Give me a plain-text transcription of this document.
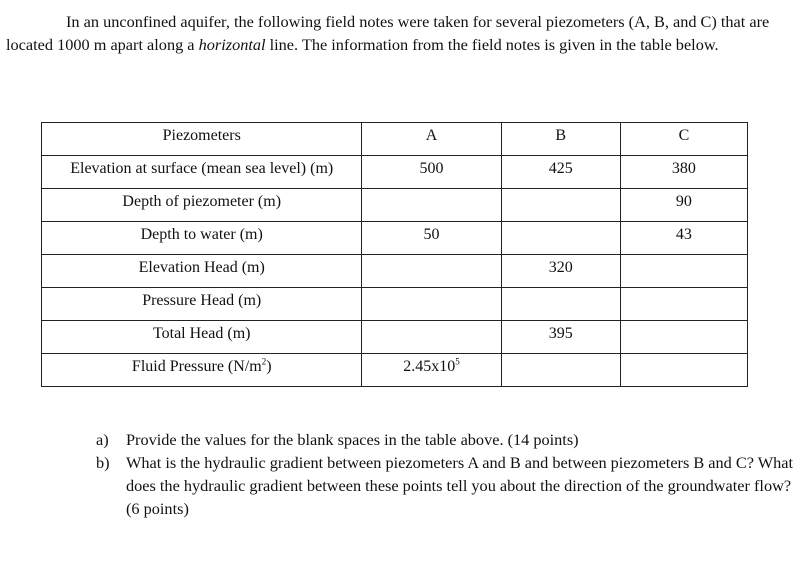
In an unconfined aquifer, the following field notes were taken for several piezometers (A, B, and C) that are located 1000 m apart along a horizontal line. The information from the field notes is given in the table below.

Piezometers	A	B	C
Elevation at surface (mean sea level) (m)	500	425	380
Depth of piezometer (m)			90
Depth to water (m)	50		43
Elevation Head (m)		320	
Pressure Head (m)			
Total Head (m)		395	
Fluid Pressure $(N/m^2)$	$2.45x10^5$		
a)	Provide the values for the blank spaces in the table above. (14 points)
b)	What is the hydraulic gradient between piezometers A and B and between piezometers B and C? What does the hydraulic gradient between these points tell you about the direction of the groundwater flow? (6 points)
